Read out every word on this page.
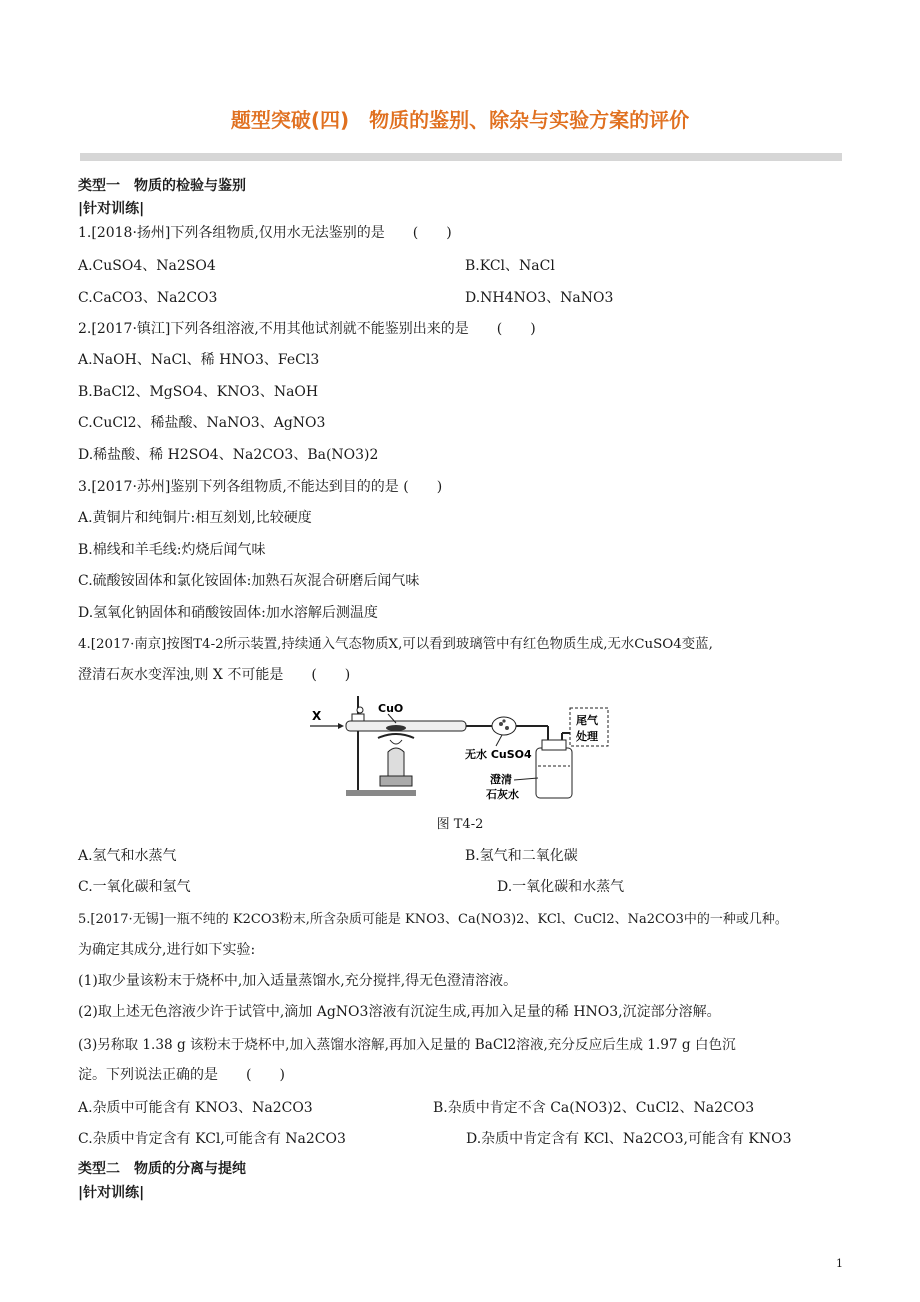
题型突破(四)　物质的鉴别、除杂与实验方案的评价
类型一　物质的检验与鉴别
|针对训练|
1.[2018·扬州]下列各组物质,仅用水无法鉴别的是　　(　　)
A.CuSO4、Na2SO4	B.KCl、NaCl
C.CaCO3、Na2CO3	D.NH4NO3、NaNO3
2.[2017·镇江]下列各组溶液,不用其他试剂就不能鉴别出来的是　　(　　)
A.NaOH、NaCl、稀 HNO3、FeCl3
B.BaCl2、MgSO4、KNO3、NaOH
C.CuCl2、稀盐酸、NaNO3、AgNO3
D.稀盐酸、稀 H2SO4、Na2CO3、Ba(NO3)2
3.[2017·苏州]鉴别下列各组物质,不能达到目的的是 (　　)
A.黄铜片和纯铜片:相互刻划,比较硬度
B.棉线和羊毛线:灼烧后闻气味
C.硫酸铵固体和氯化铵固体:加熟石灰混合研磨后闻气味
D.氢氧化钠固体和硝酸铵固体:加水溶解后测温度
4.[2017·南京]按图T4-2所示装置,持续通入气态物质X,可以看到玻璃管中有红色物质生成,无水CuSO4变蓝,
澄清石灰水变浑浊,则 X 不可能是　　(　　)
X
CuO
无水 CuSO4
澄清
石灰水
尾气
处理
图 T4-2
A.氢气和水蒸气	B.氢气和二氧化碳
C.一氧化碳和氢气	D.一氧化碳和水蒸气
5.[2017·无锡]一瓶不纯的 K2CO3粉末,所含杂质可能是 KNO3、Ca(NO3)2、KCl、CuCl2、Na2CO3中的一种或几种。
为确定其成分,进行如下实验:
(1)取少量该粉末于烧杯中,加入适量蒸馏水,充分搅拌,得无色澄清溶液。
(2)取上述无色溶液少许于试管中,滴加 AgNO3溶液有沉淀生成,再加入足量的稀 HNO3,沉淀部分溶解。
(3)另称取 1.38 g 该粉末于烧杯中,加入蒸馏水溶解,再加入足量的 BaCl2溶液,充分反应后生成 1.97 g 白色沉
淀。下列说法正确的是　　(　　)
A.杂质中可能含有 KNO3、Na2CO3	B.杂质中肯定不含 Ca(NO3)2、CuCl2、Na2CO3
C.杂质中肯定含有 KCl,可能含有 Na2CO3	D.杂质中肯定含有 KCl、Na2CO3,可能含有 KNO3
类型二　物质的分离与提纯
|针对训练|
1
